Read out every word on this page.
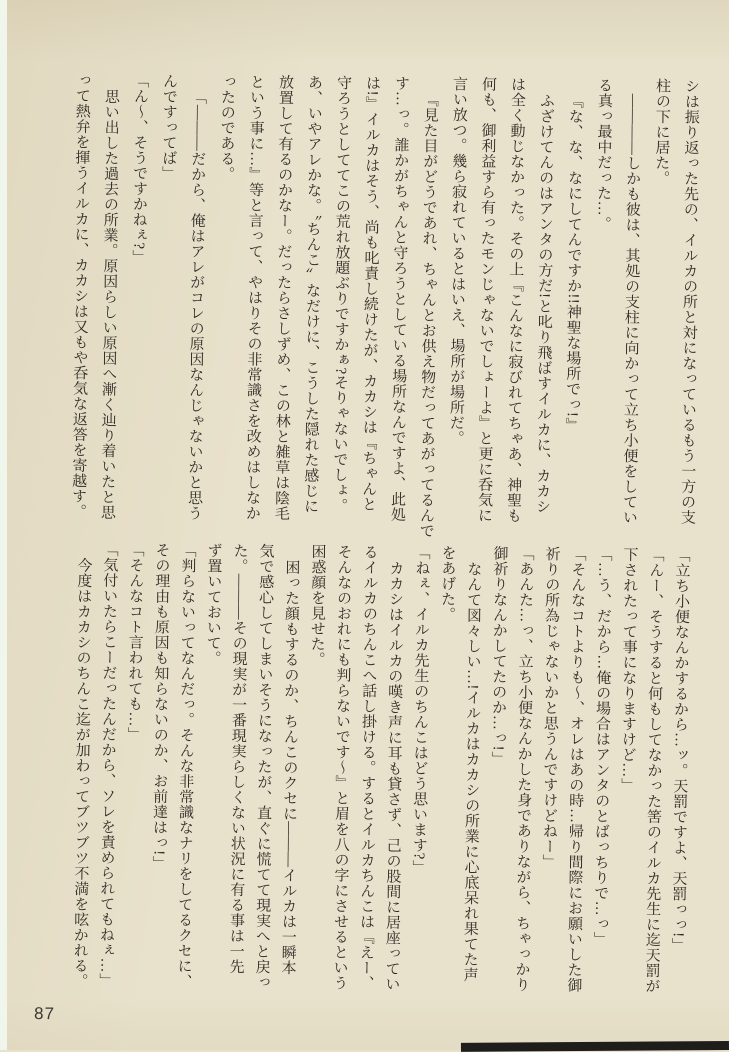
シは振り返った先の、イルカの所と対になっているもう一方の支
柱の下に居た。
――――しかも彼は、其処の支柱に向かって立ち小便をしてい
る真っ最中だった…。
『な、な、なにしてんですか!!神聖な場所でっ!』
ふざけてんのはアンタの方だ!と叱り飛ばすイルカに、カカシ
は全く動じなかった。その上『こんなに寂びれてちゃあ、神聖も
何も、御利益すら有ったモンじゃないでしょーよ』と更に呑気に
言い放つ。幾ら寂れているとはいえ、場所が場所だ。
『見た目がどうであれ、ちゃんとお供え物だってあがってるんで
す…っ。誰かがちゃんと守ろうとしている場所なんですよ、此処
は!』イルカはそう、尚も叱責し続けたが、カカシは『ちゃんと
守ろうとしててこの荒れ放題ぶりですかぁ?そりゃないでしょ。
あ、いやアレかな。〝ちんこ〟なだけに、こうした隠れた感じに
放置して有るのかなー。だったらさしずめ、この林と雑草は陰毛
という事に…』等と言って、やはりその非常識さを改めはしなか
ったのである。
「―――だから、俺はアレがコレの原因なんじゃないかと思う
んですってば」
「ん〜、そうですかねぇ?」
思い出した過去の所業。原因らしい原因へ漸く辿り着いたと思
って熱弁を揮うイルカに、カカシは又もや呑気な返答を寄越す。
「立ち小便なんかするから…ッ。天罰ですよ、天罰っっ!」
「んー、そうすると何もしてなかった筈のイルカ先生に迄天罰が
下されたって事になりますけど…」
「…う、だから…俺の場合はアンタのとばっちりで…っ」
「そんなコトよりも〜、オレはあの時…帰り間際にお願いした御
祈りの所為じゃないかと思うんですけどねー」
「あんた…っ、立ち小便なんかした身でありながら、ちゃっかり
御祈りなんかしてたのか…っ!」
なんて図々しい…!イルカはカカシの所業に心底呆れ果てた声
をあげた。
「ねぇ、イルカ先生のちんこはどう思います?」
カカシはイルカの嘆き声に耳も貸さず、己の股間に居座ってい
るイルカのちんこへ話し掛ける。するとイルカちんこは『えー、
そんなのおれにも判らないです〜』と眉を八の字にさせるという
困惑顔を見せた。
困った顔もするのか、ちんこのクセに―――イルカは一瞬本
気で感心してしまいそうになったが、直ぐに慌てて現実へと戻っ
た。―――その現実が一番現実らしくない状況に有る事は一先
ず置いておいて。
「判らないってなんだっ。そんな非常識なナリをしてるクセに、
その理由も原因も知らないのか、お前達はっ!」
「そんなコト言われても…」
「気付いたらこーだったんだから、ソレを責められてもねぇ…」
今度はカカシのちんこ迄が加わってブツブツ不満を呟かれる。
87
